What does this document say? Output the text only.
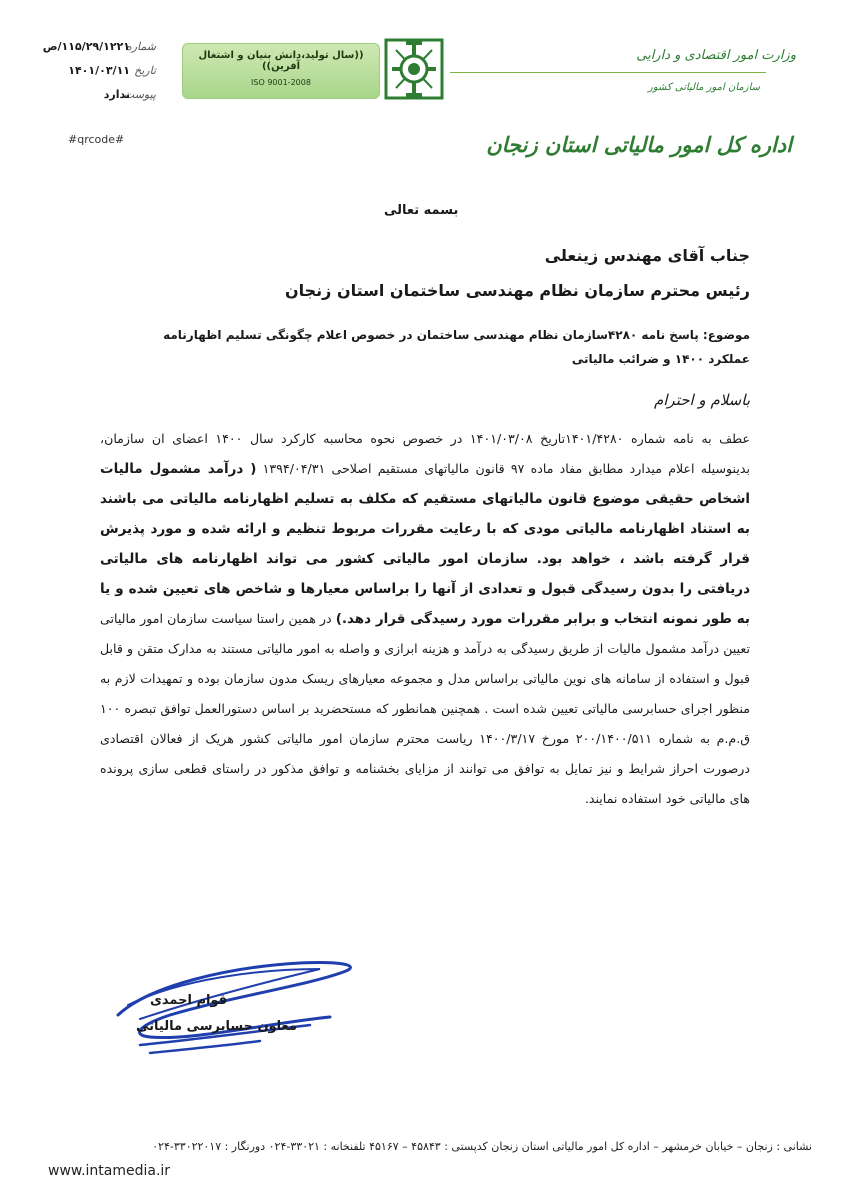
شماره
۱۱۵/۲۹/۱۲۲۱/ص
تاریخ
۱۴۰۱/۰۳/۱۱
پیوست
ندارد
#qrcode#
((سال تولید،دانش بنیان و اشتغال آفرین))
ISO 9001-2008
وزارت امور اقتصادی و دارایی
سازمان امور مالیاتی کشور
اداره کل امور مالیاتی استان زنجان
بسمه تعالی
جناب آقای مهندس زینعلی
رئیس محترم سازمان نظام مهندسی ساختمان استان زنجان
موضوع: پاسخ نامه ۴۲۸۰سازمان نظام مهندسی ساختمان در خصوص اعلام چگونگی تسلیم اظهارنامه عملکرد ۱۴۰۰ و ضرائب مالیاتی
باسلام و احترام
عطف به نامه شماره ۱۴۰۱/۴۲۸۰تاریخ ۱۴۰۱/۰۳/۰۸ در خصوص نحوه محاسبه کارکرد سال ۱۴۰۰ اعضای ان سازمان، بدینوسیله اعلام میدارد مطابق مفاد ماده ۹۷ قانون مالیاتهای مستقیم اصلاحی ۱۳۹۴/۰۴/۳۱ ( درآمد مشمول مالیات اشخاص حقیقی موضوع قانون مالیاتهای مستقیم که مکلف به تسلیم اظهارنامه مالیاتی می باشند به استناد اظهارنامه مالیاتی مودی که با رعایت مقررات مربوط تنظیم و ارائه شده و مورد پذیرش قرار گرفته باشد ، خواهد بود. سازمان امور مالیاتی کشور می تواند اظهارنامه های مالیاتی دریافتی را بدون رسیدگی قبول و تعدادی از آنها را براساس معیارها و شاخص های تعیین شده و یا به طور نمونه انتخاب و برابر مقررات مورد رسیدگی قرار دهد.) در همین راستا سیاست سازمان امور مالیاتی تعیین درآمد مشمول مالیات از طریق رسیدگی به درآمد و هزینه ابرازی و واصله به امور مالیاتی مستند به مدارک متقن و قابل قبول و استفاده از سامانه های نوین مالیاتی براساس مدل و مجموعه معیارهای ریسک مدون سازمان بوده و تمهیدات لازم به منظور اجرای حسابرسی مالیاتی تعیین شده است . همچنین همانطور که مستحضرید بر اساس دستورالعمل توافق تبصره ۱۰۰ ق.م.م به شماره ۲۰۰/۱۴۰۰/۵۱۱ مورخ ۱۴۰۰/۳/۱۷ ریاست محترم سازمان امور مالیاتی کشور هریک از فعالان اقتصادی درصورت احراز شرایط و نیز تمایل به توافق می توانند از مزایای بخشنامه و توافق مذکور در راستای قطعی سازی پرونده های مالیاتی خود استفاده نمایند.
قوام احمدی
معاون حسابرسی مالیاتی
نشانی : زنجان – خیابان خرمشهر – اداره کل امور مالیاتی استان زنجان کدپستی : ۴۵۸۴۳ – ۴۵۱۶۷ تلفنخانه : ۳۳۰۲۱-۰۲۴ دورنگار : ۳۳۰۲۲۰۱۷-۰۲۴
www.intamedia.ir
